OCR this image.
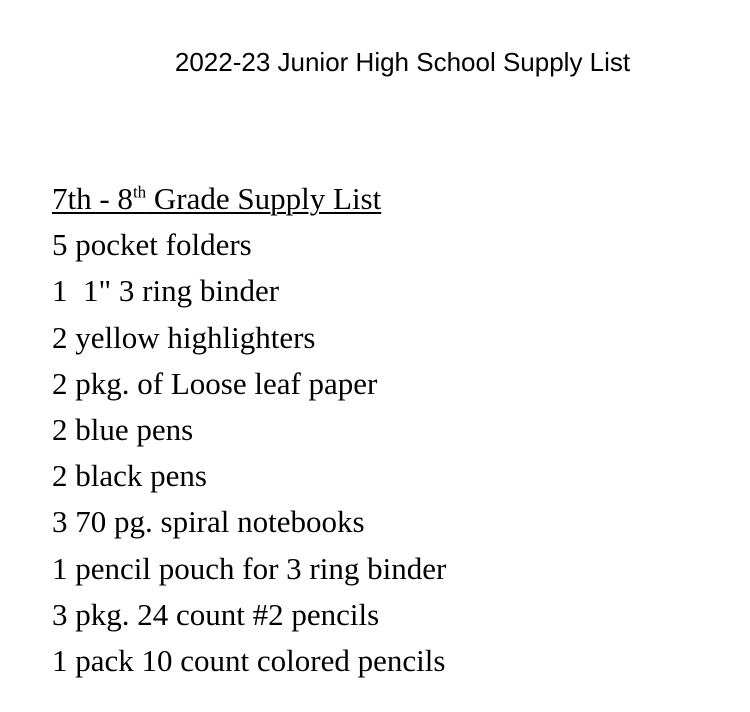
2022-23 Junior High School Supply List
7th - 8th Grade Supply List
5 pocket folders
1  1" 3 ring binder
2 yellow highlighters
2 pkg. of Loose leaf paper
2 blue pens
2 black pens
3 70 pg. spiral notebooks
1 pencil pouch for 3 ring binder
3 pkg. 24 count #2 pencils
1 pack 10 count colored pencils
